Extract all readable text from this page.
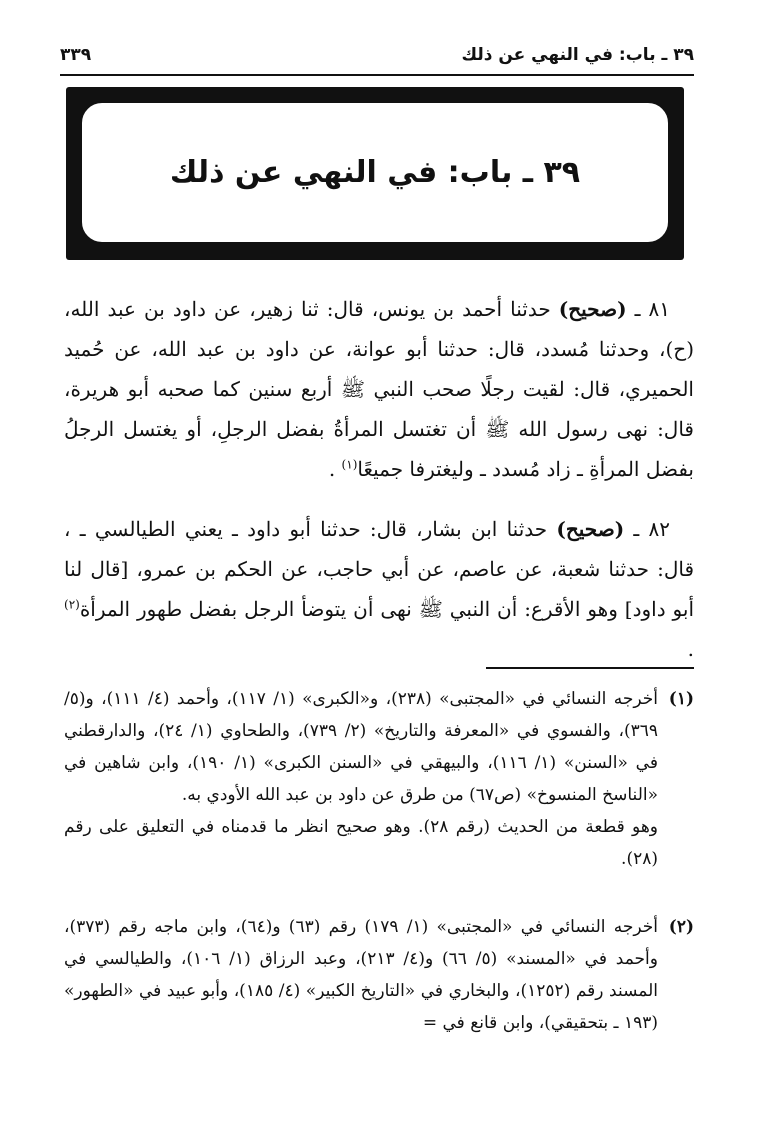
٣٩ ـ باب: في النهي عن ذلك
٣٣٩
٣٩ ـ باب: في النهي عن ذلك
٨١ ـ (صحيح) حدثنا أحمد بن يونس، قال: ثنا زهير، عن داود بن عبد الله، (ح)، وحدثنا مُسدد، قال: حدثنا أبو عوانة، عن داود بن عبد الله، عن حُميد الحميري، قال: لقيت رجلًا صحب النبي ﷺ أربع سنين كما صحبه أبو هريرة، قال: نهى رسول الله ﷺ أن تغتسل المرأةُ بفضل الرجلِ، أو يغتسل الرجلُ بفضل المرأةِ ـ زاد مُسدد ـ وليغترفا جميعًا$^{(١)}$ .
٨٢ ـ (صحيح) حدثنا ابن بشار، قال: حدثنا أبو داود ـ يعني الطيالسي ـ ، قال: حدثنا شعبة، عن عاصم، عن أبي حاجب، عن الحكم بن عمرو، [قال لنا أبو داود] وهو الأقرع: أن النبي ﷺ نهى أن يتوضأ الرجل بفضل طهور المرأة$^{(٢)}$ .
(١)

أخرجه النسائي في «المجتبى» (٢٣٨)، و«الكبرى» (١/ ١١٧)، وأحمد (٤/ ١١١)، و(٥/ ٣٦٩)، والفسوي في «المعرفة والتاريخ» (٢/ ٧٣٩)، والطحاوي (١/ ٢٤)، والدارقطني في «السنن» (١/ ١١٦)، والبيهقي في «السنن الكبرى» (١/ ١٩٠)، وابن شاهين في «الناسخ المنسوخ» (ص٦٧) من طرق عن داود بن عبد الله الأودي به.

وهو قطعة من الحديث (رقم ٢٨). وهو صحيح انظر ما قدمناه في التعليق على رقم (٢٨).

(٢)

أخرجه النسائي في «المجتبى» (١/ ١٧٩) رقم (٦٣) و(٦٤)، وابن ماجه رقم (٣٧٣)، وأحمد في «المسند» (٥/ ٦٦) و(٤/ ٢١٣)، وعبد الرزاق (١/ ١٠٦)، والطيالسي في المسند رقم (١٢٥٢)، والبخاري في «التاريخ الكبير» (٤/ ١٨٥)، وأبو عبيد في «الطهور» (١٩٣ ـ بتحقيقي)، وابن قانع في =
